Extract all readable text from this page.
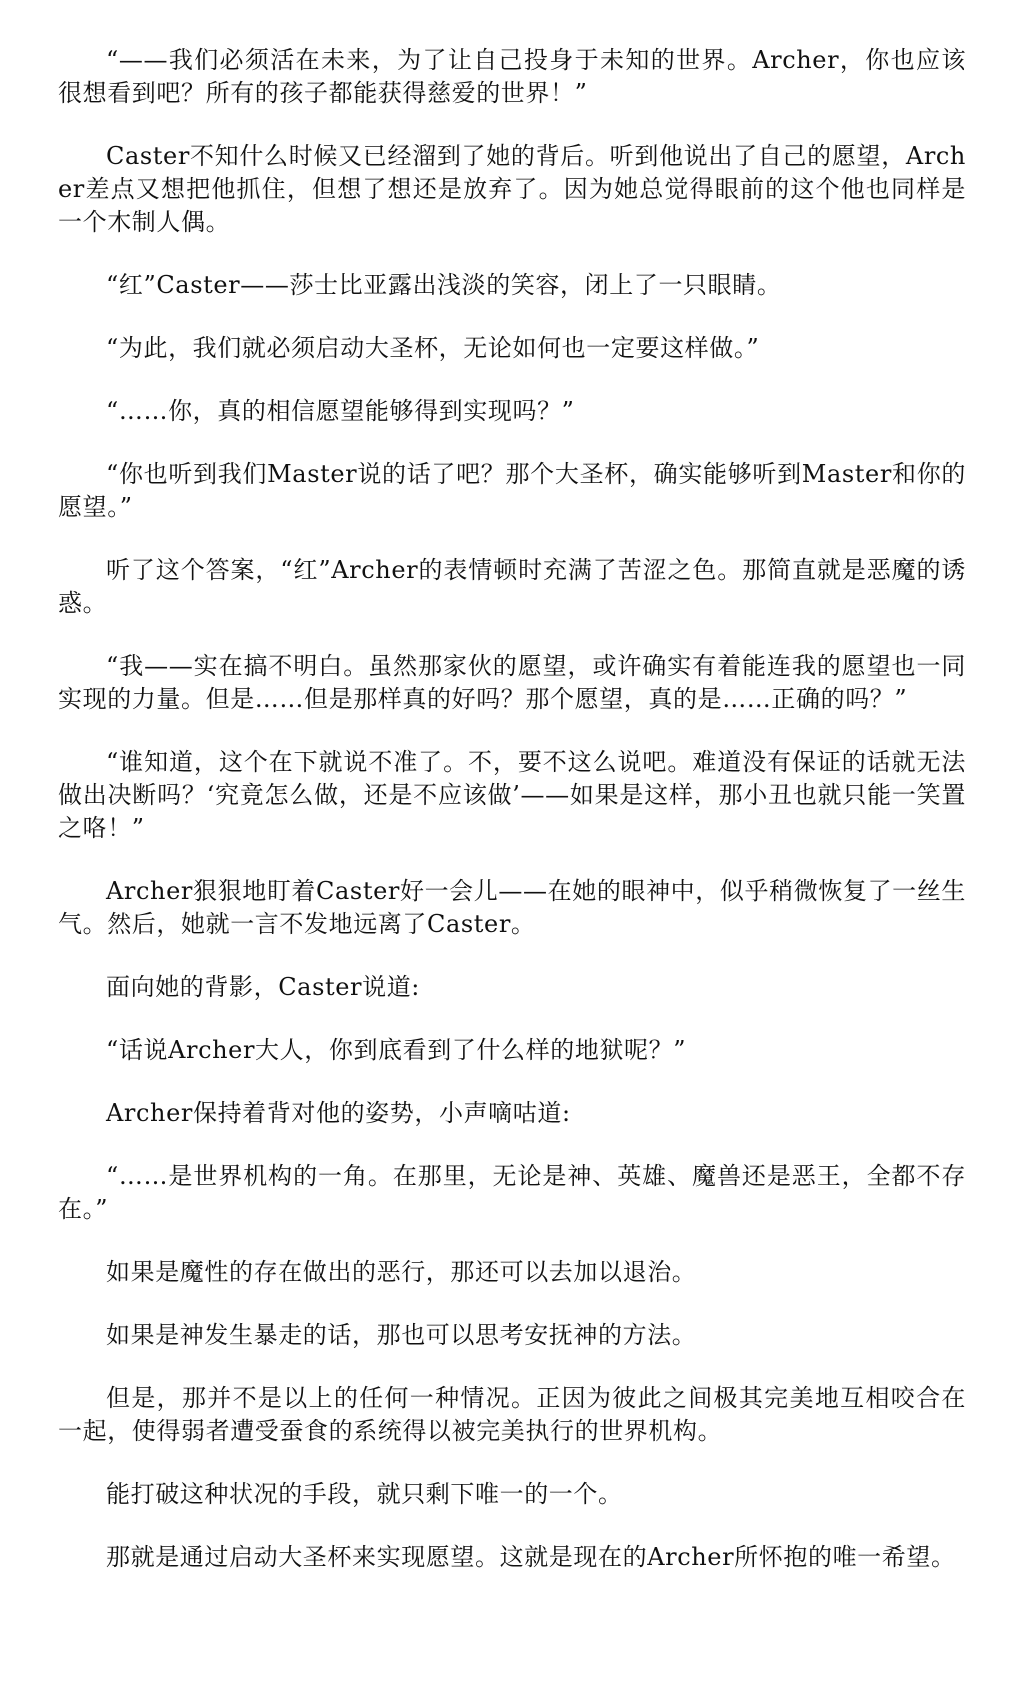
“——我们必须活在未来，为了让自己投身于未知的世界。Archer，你也应该很想看到吧？所有的孩子都能获得慈爱的世界！”

Caster不知什么时候又已经溜到了她的背后。听到他说出了自己的愿望，Archer差点又想把他抓住，但想了想还是放弃了。因为她总觉得眼前的这个他也同样是一个木制人偶。

“红”Caster——莎士比亚露出浅淡的笑容，闭上了一只眼睛。

“为此，我们就必须启动大圣杯，无论如何也一定要这样做。”

“……你，真的相信愿望能够得到实现吗？”

“你也听到我们Master说的话了吧？那个大圣杯，确实能够听到Master和你的愿望。”

听了这个答案，“红”Archer的表情顿时充满了苦涩之色。那简直就是恶魔的诱惑。

“我——实在搞不明白。虽然那家伙的愿望，或许确实有着能连我的愿望也一同实现的力量。但是……但是那样真的好吗？那个愿望，真的是……正确的吗？”

“谁知道，这个在下就说不准了。不，要不这么说吧。难道没有保证的话就无法做出决断吗？‘究竟怎么做，还是不应该做’——如果是这样，那小丑也就只能一笑置之咯！”

Archer狠狠地盯着Caster好一会儿——在她的眼神中，似乎稍微恢复了一丝生气。然后，她就一言不发地远离了Caster。

面向她的背影，Caster说道:

“话说Archer大人，你到底看到了什么样的地狱呢？”

Archer保持着背对他的姿势，小声嘀咕道:

“……是世界机构的一角。在那里，无论是神、英雄、魔兽还是恶王，全都不存在。”

如果是魔性的存在做出的恶行，那还可以去加以退治。

如果是神发生暴走的话，那也可以思考安抚神的方法。

但是，那并不是以上的任何一种情况。正因为彼此之间极其完美地互相咬合在一起，使得弱者遭受蚕食的系统得以被完美执行的世界机构。

能打破这种状况的手段，就只剩下唯一的一个。

那就是通过启动大圣杯来实现愿望。这就是现在的Archer所怀抱的唯一希望。
